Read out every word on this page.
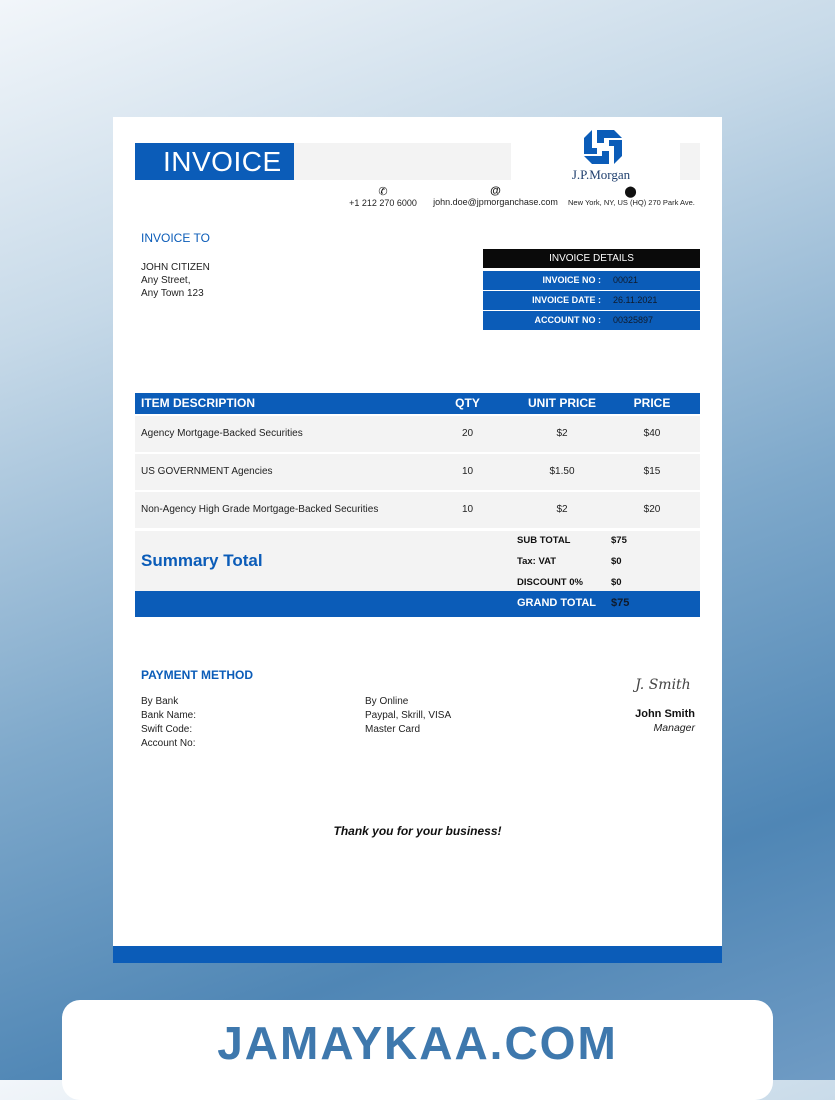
INVOICE	J.P.Morgan
✆
+1 212 270 6000
@
john.doe@jpmorganchase.com
⬤
New York, NY, US (HQ) 270 Park Ave.
INVOICE TO
JOHN CITIZEN
Any Street,
Any Town 123
INVOICE DETAILS
INVOICE NO :	00021
INVOICE DATE :	26.11.2021
ACCOUNT NO :	00325897
ITEM DESCRIPTION	QTY	UNIT PRICE	PRICE
Agency Mortgage-Backed Securities	20	$2	$40
US GOVERNMENT Agencies	10	$1.50	$15
Non-Agency High Grade Mortgage-Backed Securities	10	$2	$20
Summary Total
SUB TOTAL	$75
Tax: VAT	$0
DISCOUNT 0%	$0
GRAND TOTAL $75
PAYMENT METHOD
By Bank
Bank Name:
Swift Code:
Account No:
By Online
Paypal, Skrill, VISA
Master Card
J. Smith
John Smith
Manager
Thank you for your business!
JAMAYKAA.COM
